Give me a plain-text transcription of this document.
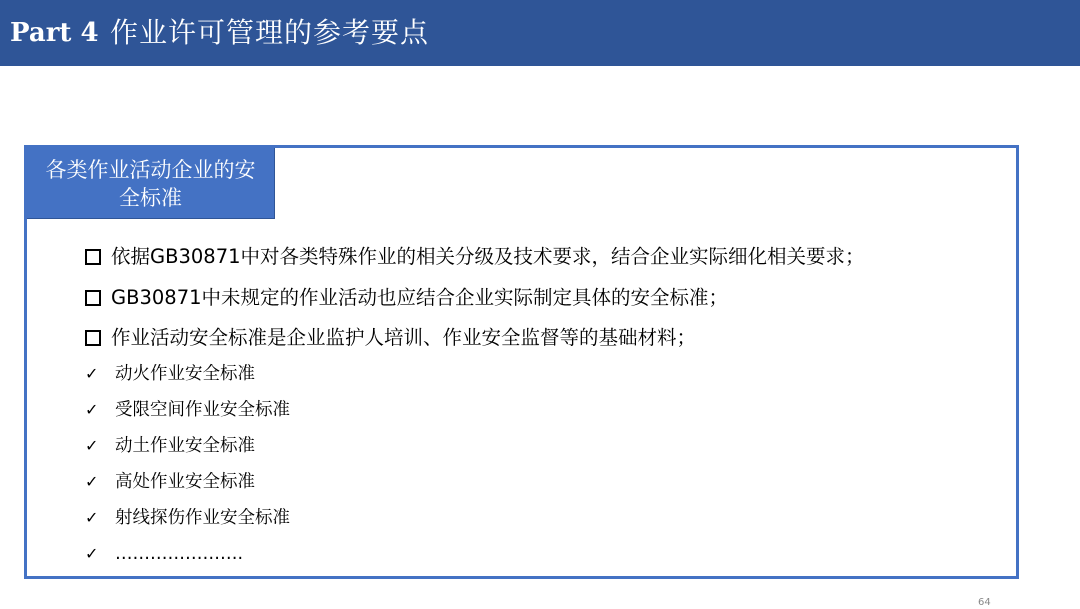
Part 4 作业许可管理的参考要点
各类作业活动企业的安
全标准
依据GB30871中对各类特殊作业的相关分级及技术要求，结合企业实际细化相关要求；
GB30871中未规定的作业活动也应结合企业实际制定具体的安全标准；
作业活动安全标准是企业监护人培训、作业安全监督等的基础材料；
✓ 动火作业安全标准
✓ 受限空间作业安全标准
✓ 动土作业安全标准
✓ 高处作业安全标准
✓ 射线探伤作业安全标准
✓ ………………….
64
